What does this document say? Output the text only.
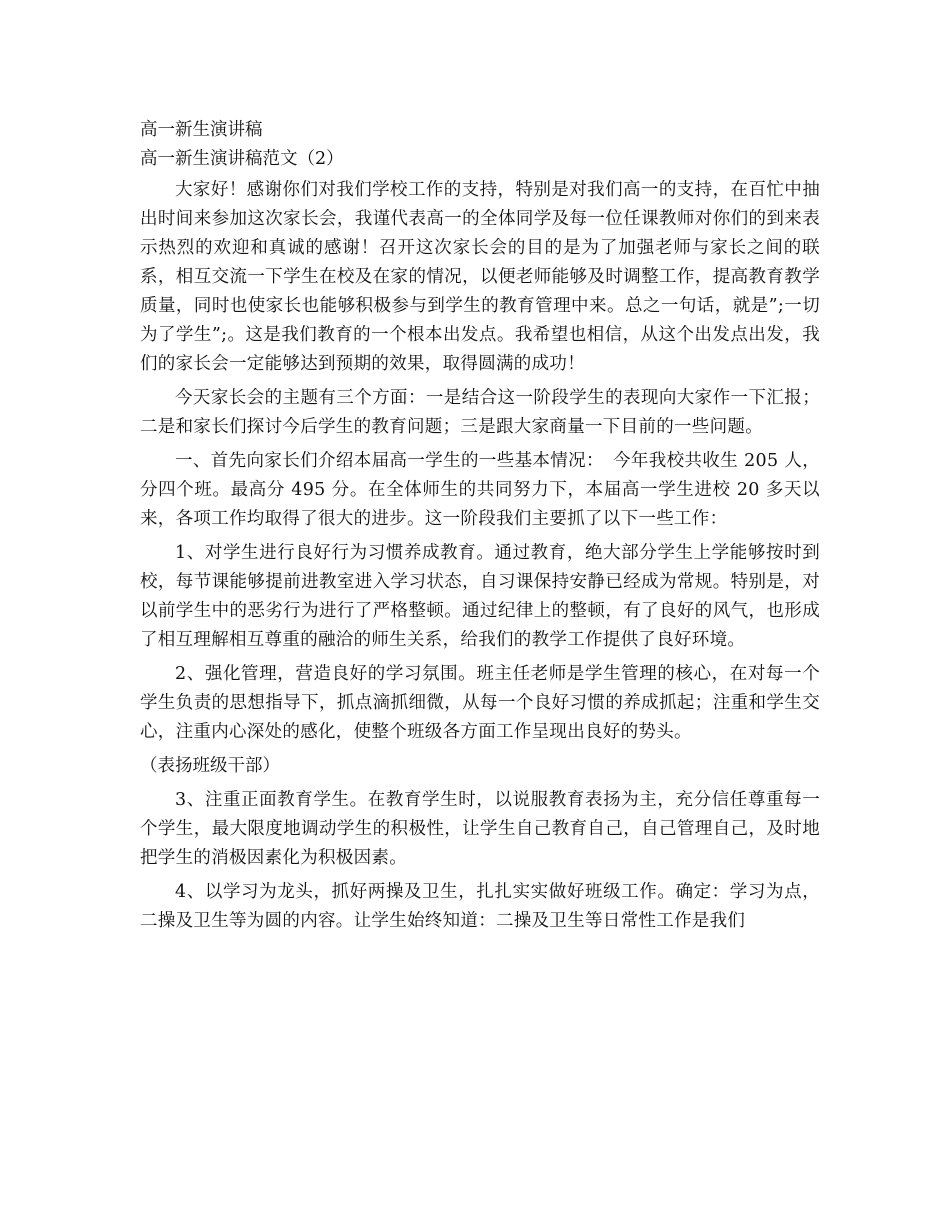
高一新生演讲稿

高一新生演讲稿范文（2）

大家好！感谢你们对我们学校工作的支持，特别是对我们高一的支持，在百忙中抽出时间来参加这次家长会，我谨代表高一的全体同学及每一位任课教师对你们的到来表示热烈的欢迎和真诚的感谢！召开这次家长会的目的是为了加强老师与家长之间的联系，相互交流一下学生在校及在家的情况，以便老师能够及时调整工作，提高教育教学质量，同时也使家长也能够积极参与到学生的教育管理中来。总之一句话，就是”;一切为了学生”;。这是我们教育的一个根本出发点。我希望也相信，从这个出发点出发，我们的家长会一定能够达到预期的效果，取得圆满的成功！

今天家长会的主题有三个方面：一是结合这一阶段学生的表现向大家作一下汇报；二是和家长们探讨今后学生的教育问题；三是跟大家商量一下目前的一些问题。

一、首先向家长们介绍本届高一学生的一些基本情况：　今年我校共收生 205 人，分四个班。最高分 495 分。在全体师生的共同努力下，本届高一学生进校 20 多天以来，各项工作均取得了很大的进步。这一阶段我们主要抓了以下一些工作：

1、对学生进行良好行为习惯养成教育。通过教育，绝大部分学生上学能够按时到校，每节课能够提前进教室进入学习状态，自习课保持安静已经成为常规。特别是，对以前学生中的恶劣行为进行了严格整顿。通过纪律上的整顿，有了良好的风气，也形成了相互理解相互尊重的融洽的师生关系，给我们的教学工作提供了良好环境。

2、强化管理，营造良好的学习氛围。班主任老师是学生管理的核心，在对每一个学生负责的思想指导下，抓点滴抓细微，从每一个良好习惯的养成抓起；注重和学生交心，注重内心深处的感化，使整个班级各方面工作呈现出良好的势头。

（表扬班级干部）

3、注重正面教育学生。在教育学生时，以说服教育表扬为主，充分信任尊重每一个学生，最大限度地调动学生的积极性，让学生自己教育自己，自己管理自己，及时地把学生的消极因素化为积极因素。

4、以学习为龙头，抓好两操及卫生，扎扎实实做好班级工作。确定：学习为点，二操及卫生等为圆的内容。让学生始终知道：二操及卫生等日常性工作是我们
